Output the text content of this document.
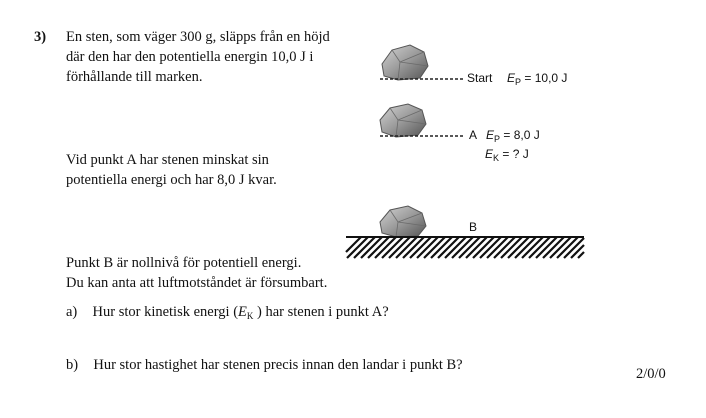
3) En sten, som väger 300 g, släpps från en höjd
där den har den potentiella energin 10,0 J i
förhållande till marken.
Vid punkt A har stenen minskat sin
potentiella energi och har 8,0 J kvar.
Punkt B är nollnivå för potentiell energi.
Du kan anta att luftmotståndet är försumbart.
a) Hur stor kinetisk energi ($E_K$ ) har stenen i punkt A?
b) Hur stor hastighet har stenen precis innan den landar i punkt B?
2/0/0
Start $E_P = 10,0$ J
A $E_P = 8,0$ J
$E_K$ = ? J
B
